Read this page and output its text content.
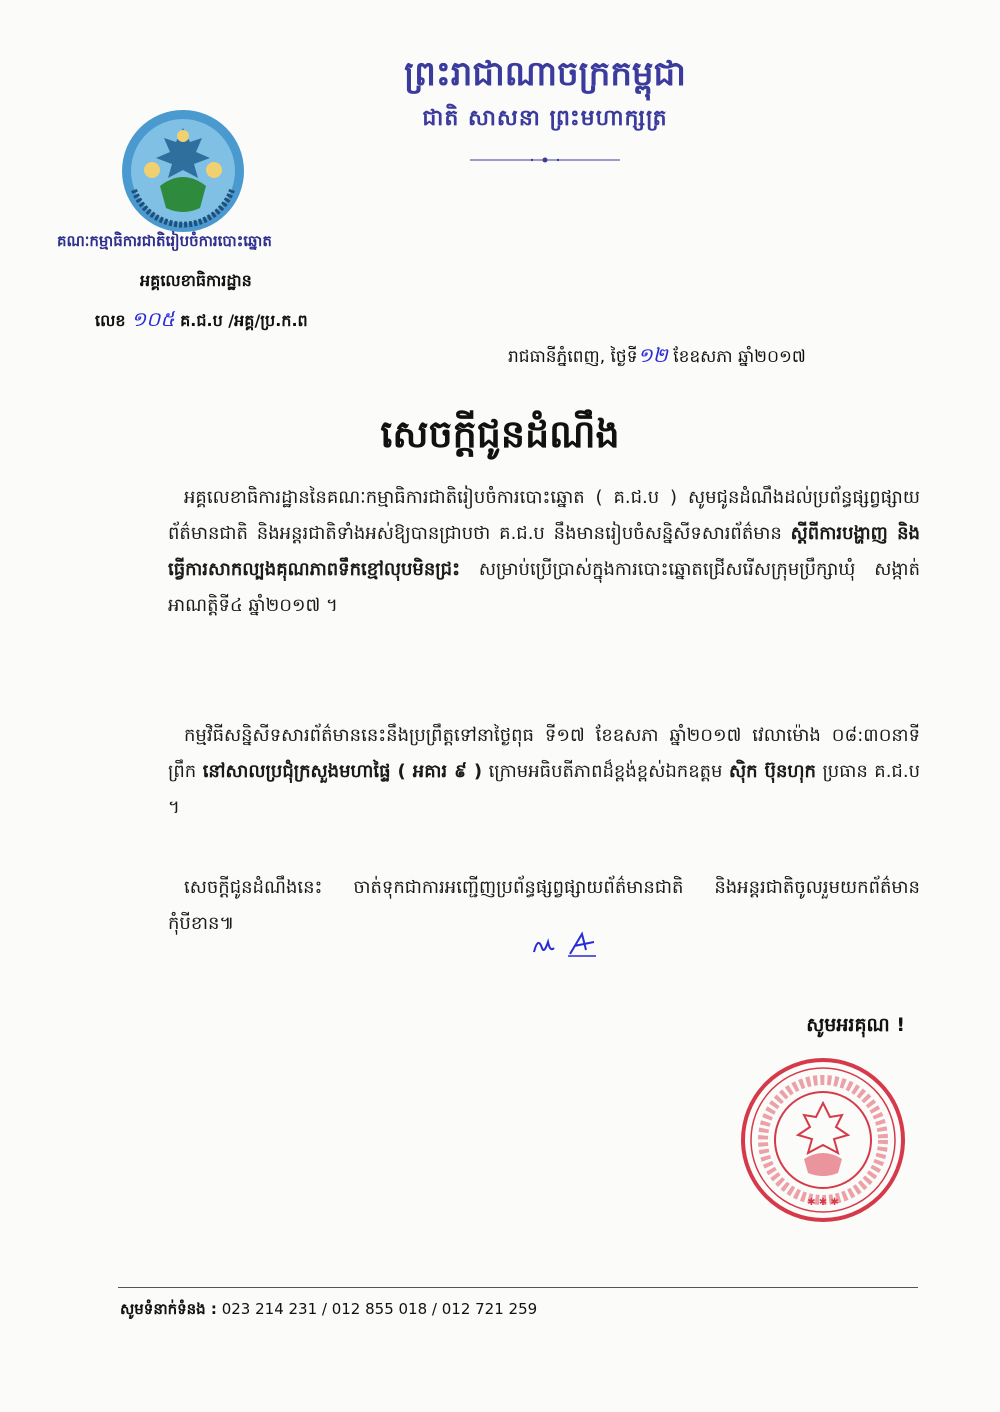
ព្រះរាជាណាចក្រកម្ពុជា
ជាតិ សាសនា ព្រះមហាក្សត្រ
គណៈកម្មាធិការជាតិរៀបចំការបោះឆ្នោត
អគ្គលេខាធិការដ្ឋាន
លេខ ១០៥ គ.ជ.ប /អគ្គ/ប្រ.ក.ព
រាជធានីភ្នំពេញ, ថ្ងៃទី១២ ខែឧសភា ឆ្នាំ២០១៧
សេចក្តីជូនដំណឹង
អគ្គលេខាធិការដ្ឋាននៃគណៈកម្មាធិការជាតិរៀបចំការបោះឆ្នោត ( គ.ជ.ប ) សូមជូនដំណឹងដល់ប្រព័ន្ធផ្សព្វផ្សាយព័ត៌មានជាតិ និងអន្តរជាតិទាំងអស់ឱ្យបានជ្រាបថា គ.ជ.ប នឹងមានរៀបចំសន្និសីទសារព័ត៌មាន ស្តីពីការបង្ហាញ និងធ្វើការសាកល្បងគុណភាពទឹកខ្មៅលុបមិនជ្រះ សម្រាប់ប្រើប្រាស់ក្នុងការបោះឆ្នោតជ្រើសរើសក្រុមប្រឹក្សាឃុំ សង្កាត់ អាណត្តិទី៤ ឆ្នាំ២០១៧ ។
កម្មវិធីសន្និសីទសារព័ត៌មាននេះនឹងប្រព្រឹត្តទៅនាថ្ងៃពុធ ទី១៧ ខែឧសភា ឆ្នាំ២០១៧ វេលាម៉ោង ០៨:៣០នាទីព្រឹក នៅសាលប្រជុំក្រសួងមហាផ្ទៃ ( អគារ ៩ ) ក្រោមអធិបតីភាពដ៏ខ្ពង់ខ្ពស់ឯកឧត្តម ស៊ិក ប៊ុនហុក ប្រធាន គ.ជ.ប ។
សេចក្តីជូនដំណឹងនេះ ចាត់ទុកជាការអញ្ជើញប្រព័ន្ធផ្សព្វផ្សាយព័ត៌មានជាតិ និងអន្តរជាតិចូលរួមយកព័ត៌មានកុំបីខាន៕
សូមអរគុណ !
✱ ✱ ✱
សូមទំនាក់ទំនង : 023 214 231 / 012 855 018 / 012 721 259
